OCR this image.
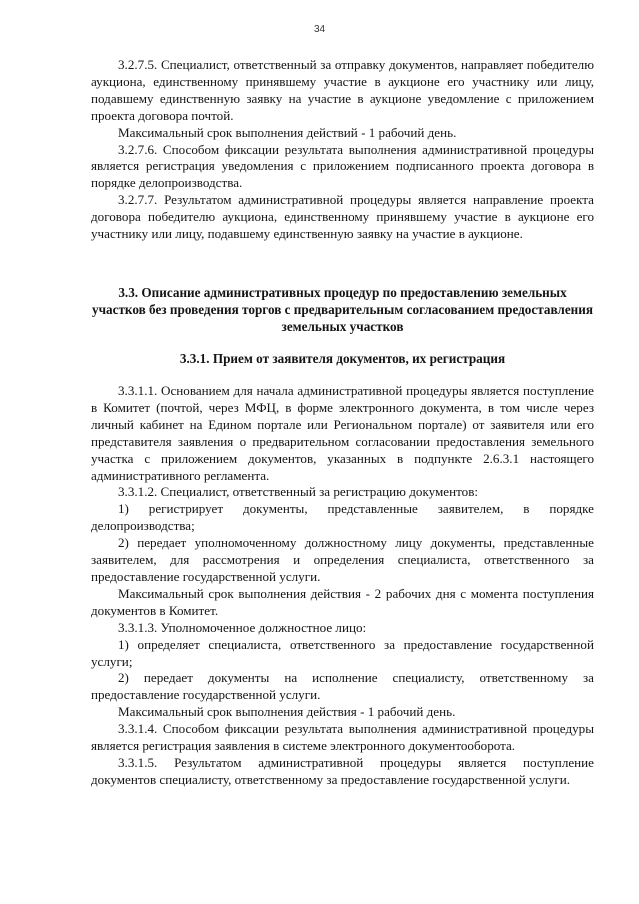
34

3.2.7.5. Специалист, ответственный за отправку документов, направляет победителю аукциона, единственному принявшему участие в аукционе его участнику или лицу, подавшему единственную заявку на участие в аукционе уведомление с приложением проекта договора почтой.

Максимальный срок выполнения действий - 1 рабочий день.

3.2.7.6. Способом фиксации результата выполнения административной процедуры является регистрация уведомления с приложением подписанного проекта договора в порядке делопроизводства.

3.2.7.7. Результатом административной процедуры является направление проекта договора победителю аукциона, единственному принявшему участие в аукционе его участнику или лицу, подавшему единственную заявку на участие в аукционе.

3.3. Описание административных процедур по предоставлению земельных участков без проведения торгов с предварительным согласованием предоставления земельных участков
3.3.1. Прием от заявителя документов, их регистрация

3.3.1.1. Основанием для начала административной процедуры является поступление в Комитет (почтой, через МФЦ, в форме электронного документа, в том числе через личный кабинет на Едином портале или Региональном портале) от заявителя или его представителя заявления о предварительном согласовании предоставления земельного участка с приложением документов, указанных в подпункте 2.6.3.1 настоящего административного регламента.

3.3.1.2. Специалист, ответственный за регистрацию документов:

1) регистрирует документы, представленные заявителем, в порядке делопроизводства;

2) передает уполномоченному должностному лицу документы, представленные заявителем, для рассмотрения и определения специалиста, ответственного за предоставление государственной услуги.

Максимальный срок выполнения действия - 2 рабочих дня с момента поступления документов в Комитет.

3.3.1.3. Уполномоченное должностное лицо:

1) определяет специалиста, ответственного за предоставление государственной услуги;

2) передает документы на исполнение специалисту, ответственному за предоставление государственной услуги.

Максимальный срок выполнения действия - 1 рабочий день.

3.3.1.4. Способом фиксации результата выполнения административной процедуры является регистрация заявления в системе электронного документооборота.

3.3.1.5. Результатом административной процедуры является поступление документов специалисту, ответственному за предоставление государственной услуги.
